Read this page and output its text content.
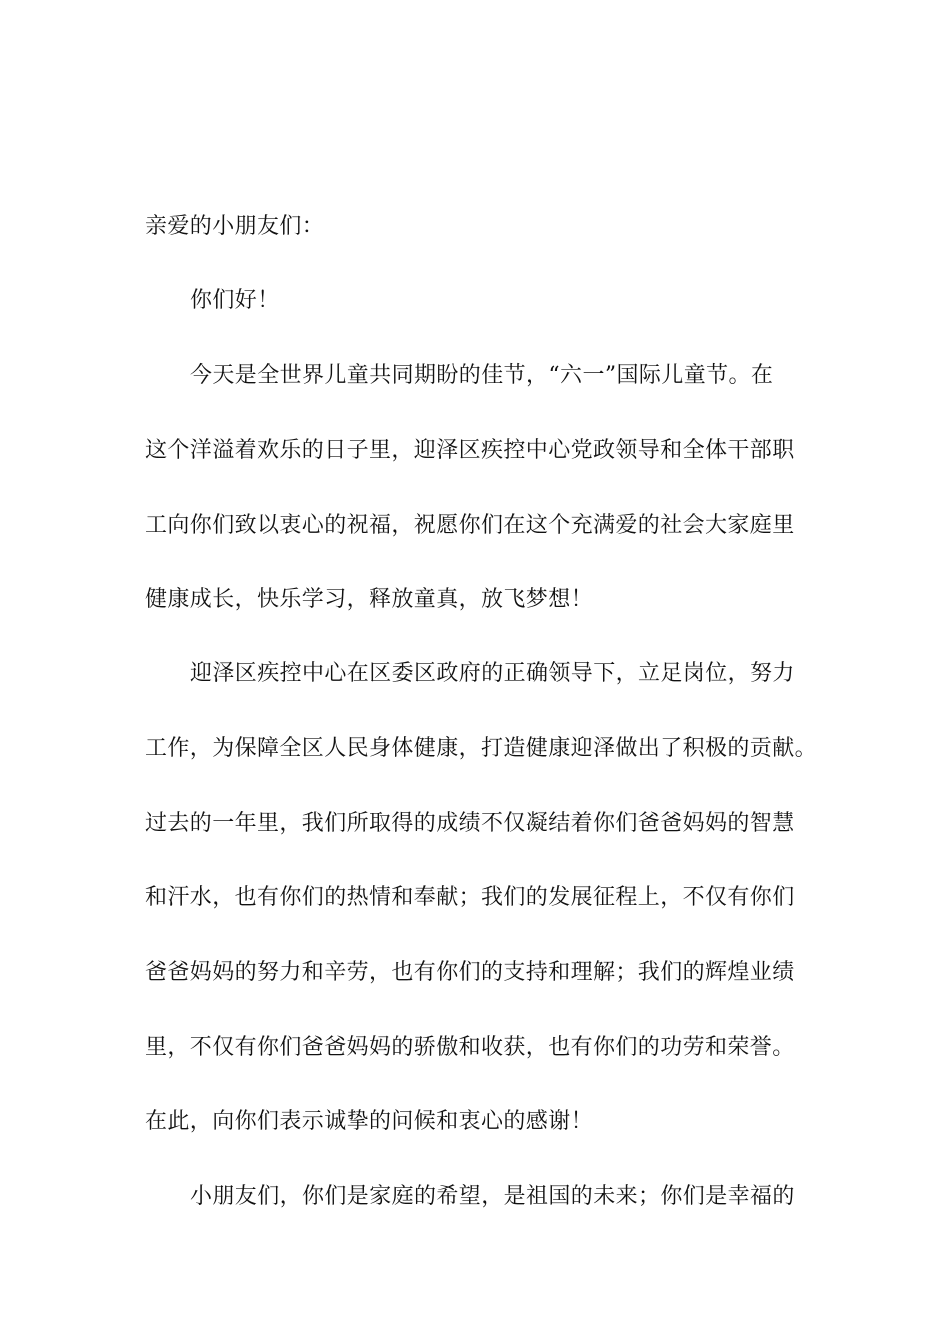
亲爱的小朋友们：
你们好！
今天是全世界儿童共同期盼的佳节，“六一”国际儿童节。在
这个洋溢着欢乐的日子里，迎泽区疾控中心党政领导和全体干部职
工向你们致以衷心的祝福，祝愿你们在这个充满爱的社会大家庭里
健康成长，快乐学习，释放童真，放飞梦想！
迎泽区疾控中心在区委区政府的正确领导下，立足岗位，努力
工作，为保障全区人民身体健康，打造健康迎泽做出了积极的贡献。
过去的一年里，我们所取得的成绩不仅凝结着你们爸爸妈妈的智慧
和汗水，也有你们的热情和奉献；我们的发展征程上，不仅有你们
爸爸妈妈的努力和辛劳，也有你们的支持和理解；我们的辉煌业绩
里，不仅有你们爸爸妈妈的骄傲和收获，也有你们的功劳和荣誉。
在此，向你们表示诚挚的问候和衷心的感谢！
小朋友们，你们是家庭的希望，是祖国的未来；你们是幸福的
